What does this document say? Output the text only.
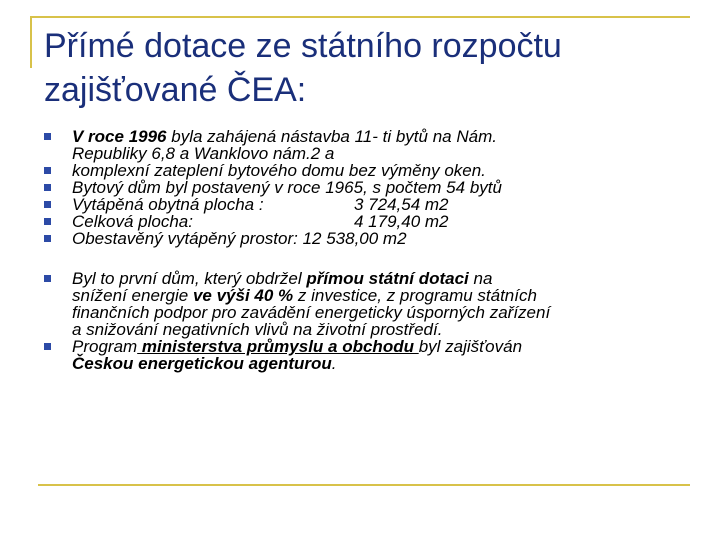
Přímé dotace ze státního rozpočtu
zajišťované ČEA:
V roce 1996 byla zahájená nástavba 11- ti bytů na Nám.
Republiky 6,8 a Wanklovo nám.2 a
komplexní zateplení bytového domu bez výměny oken.
Bytový dům byl postavený v roce 1965, s počtem 54 bytů
Vytápěná obytná plocha :	3 724,54 m2
Celková plocha:	4 179,40 m2
Obestavěný vytápěný prostor: 12 538,00 m2
Byl to první dům, který obdržel přímou státní dotaci na
snížení energie ve výši 40 % z investice, z programu státních
finančních podpor pro zavádění energeticky úsporných zařízení
a snižování negativních vlivů na životní prostředí.
Program ministerstva průmyslu a obchodu byl zajišťován
Českou energetickou agenturou.
